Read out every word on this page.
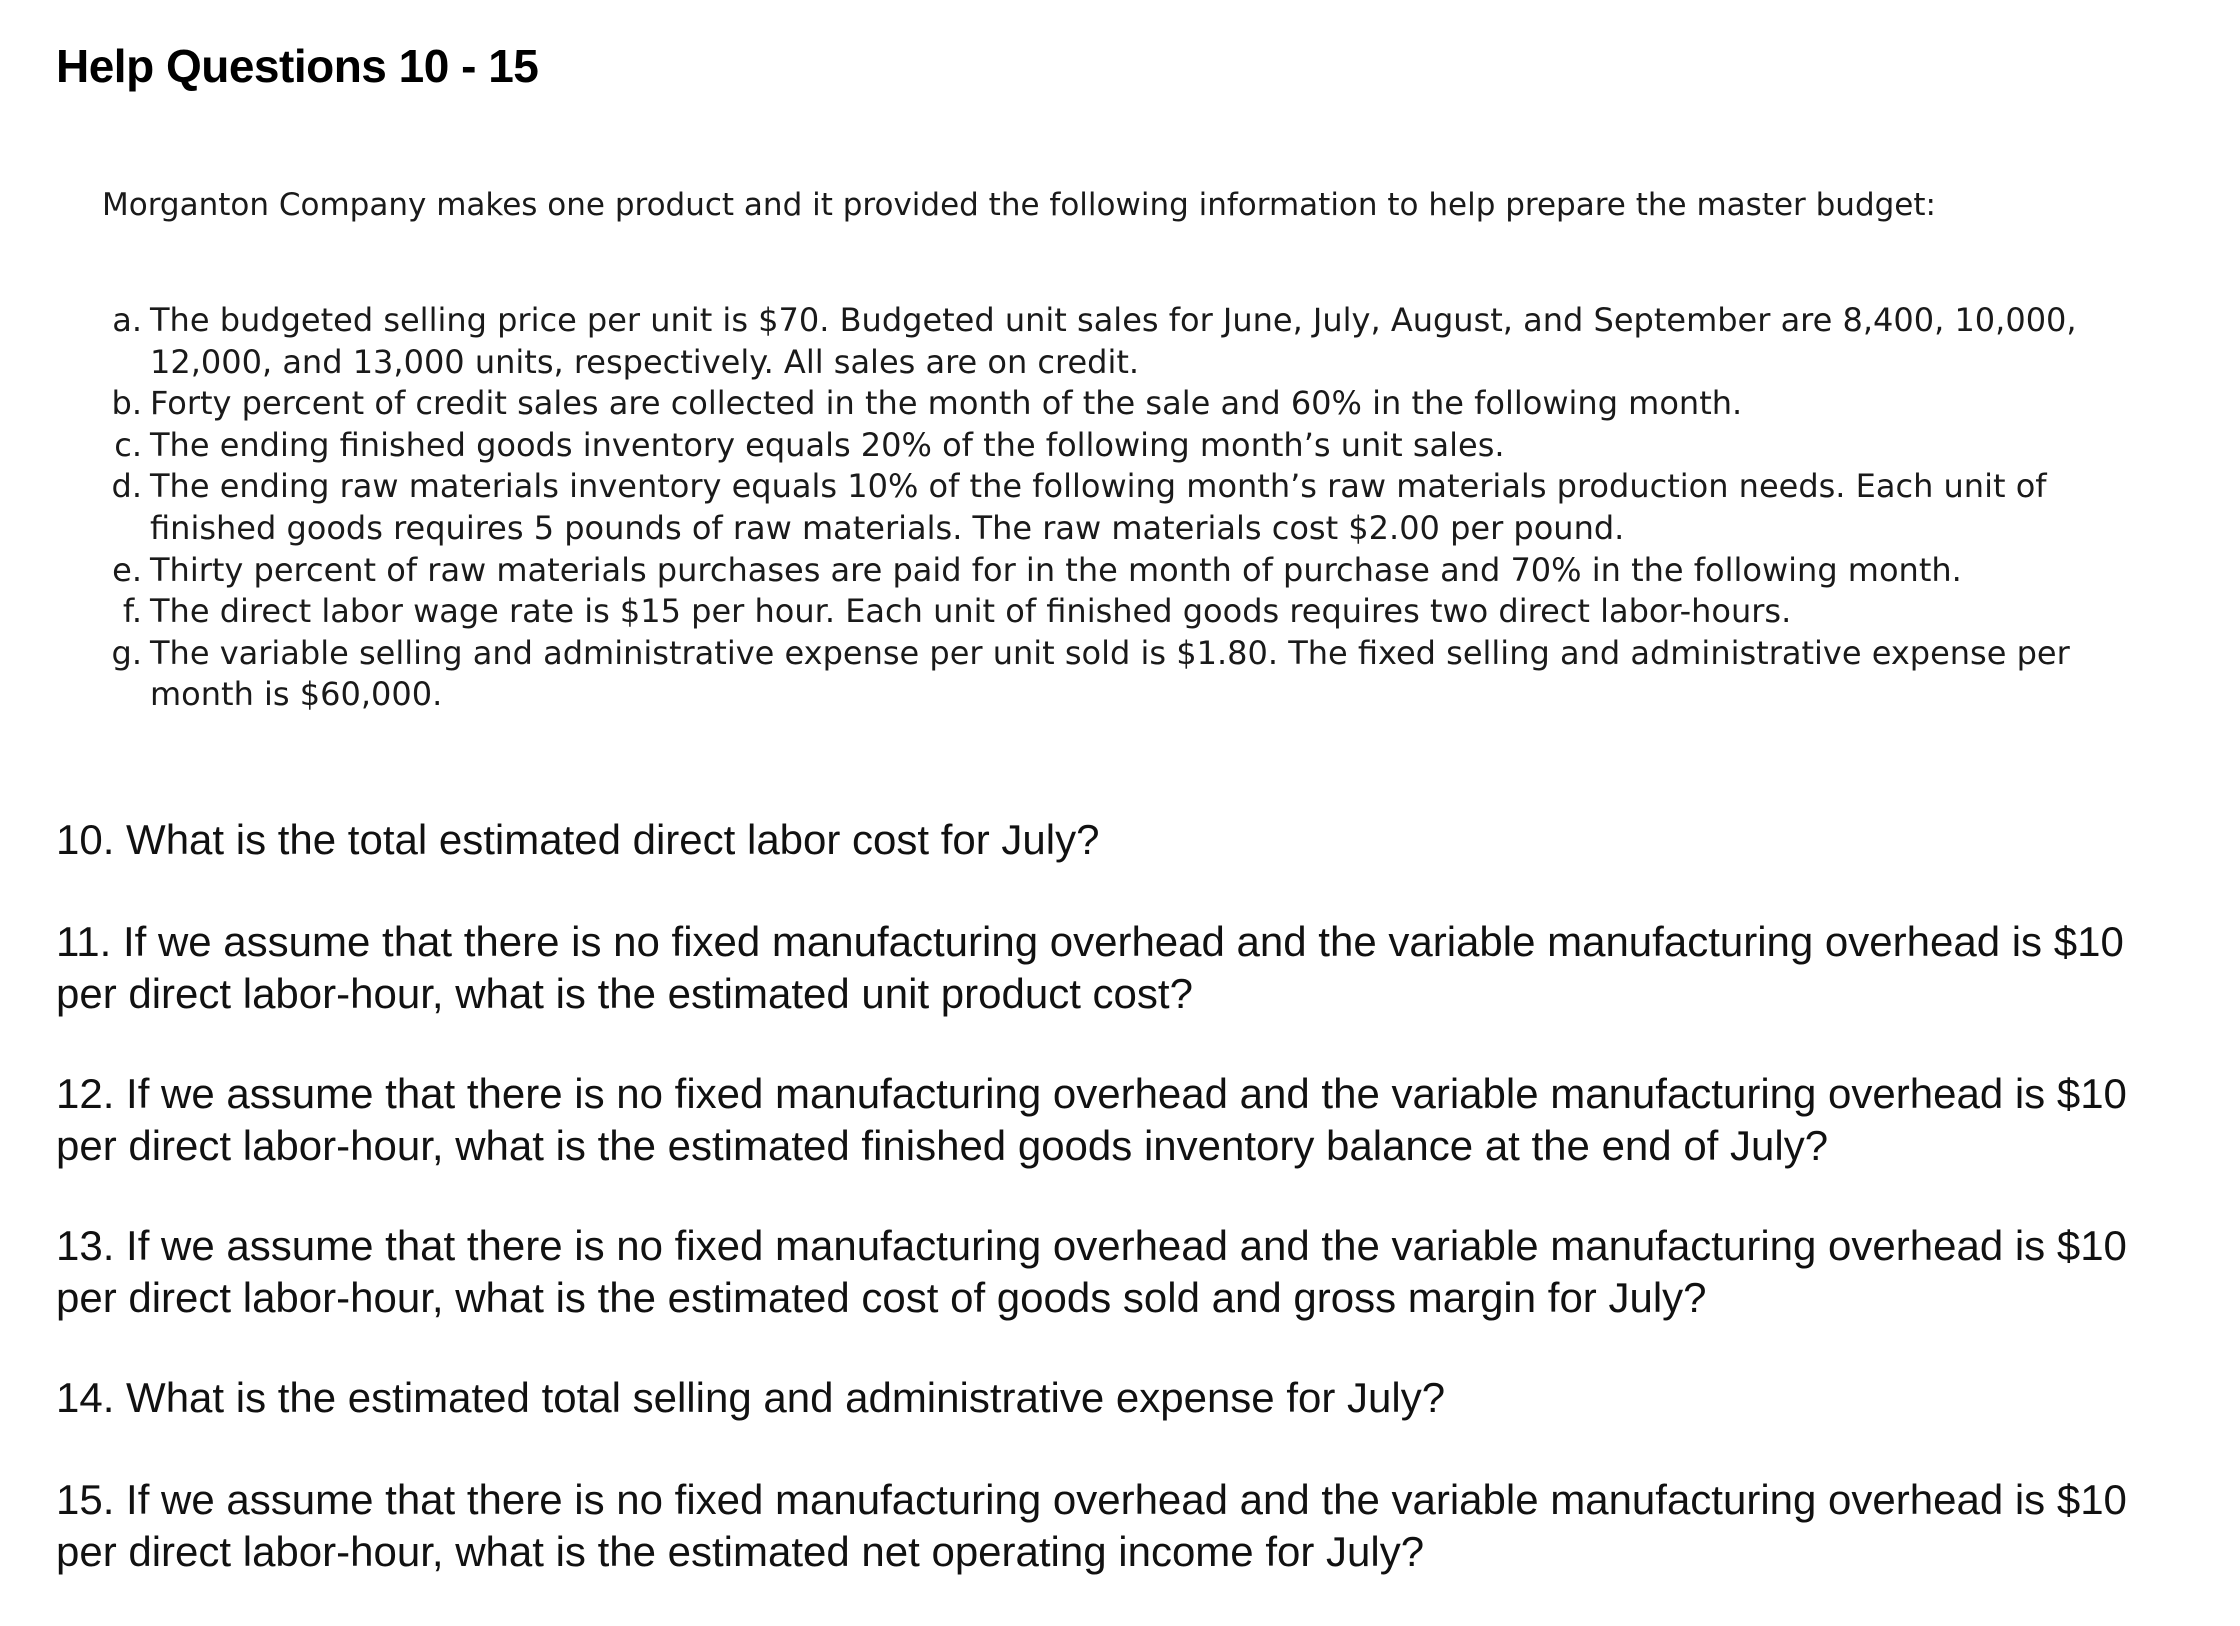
Help Questions 10 - 15

Morganton Company makes one product and it provided the following information to help prepare the master budget:

a. The budgeted selling price per unit is $70. Budgeted unit sales for June, July, August, and September are 8,400, 10,000, 12,000, and 13,000 units, respectively. All sales are on credit.
b. Forty percent of credit sales are collected in the month of the sale and 60% in the following month.
c. The ending finished goods inventory equals 20% of the following month’s unit sales.
d. The ending raw materials inventory equals 10% of the following month’s raw materials production needs. Each unit of finished goods requires 5 pounds of raw materials. The raw materials cost $2.00 per pound.
e. Thirty percent of raw materials purchases are paid for in the month of purchase and 70% in the following month.
f. The direct labor wage rate is $15 per hour. Each unit of finished goods requires two direct labor-hours.
g. The variable selling and administrative expense per unit sold is $1.80. The fixed selling and administrative expense per month is $60,000.
10. What is the total estimated direct labor cost for July?
11. If we assume that there is no fixed manufacturing overhead and the variable manufacturing overhead is $10 per direct labor-hour, what is the estimated unit product cost?
12. If we assume that there is no fixed manufacturing overhead and the variable manufacturing overhead is $10 per direct labor-hour, what is the estimated finished goods inventory balance at the end of July?
13. If we assume that there is no fixed manufacturing overhead and the variable manufacturing overhead is $10 per direct labor-hour, what is the estimated cost of goods sold and gross margin for July?
14. What is the estimated total selling and administrative expense for July?
15. If we assume that there is no fixed manufacturing overhead and the variable manufacturing overhead is $10 per direct labor-hour, what is the estimated net operating income for July?
